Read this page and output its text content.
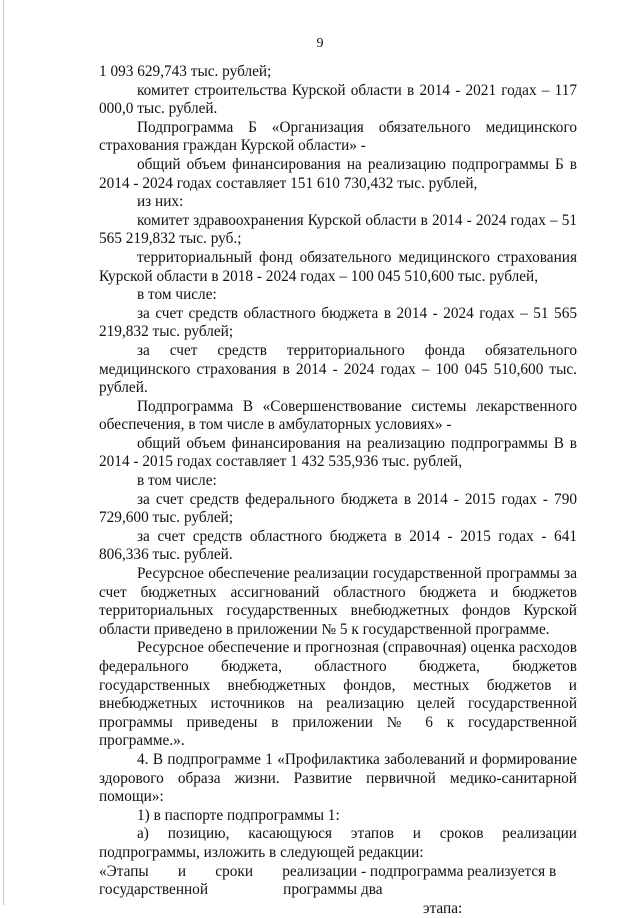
9

1 093 629,743 тыс. рублей;

комитет строительства Курской области в 2014 - 2021 годах – 117 000,0 тыс. рублей.

Подпрограмма Б «Организация обязательного медицинского страхования граждан Курской области» -

общий объем финансирования на реализацию подпрограммы Б в 2014 - 2024 годах составляет 151 610 730,432 тыс. рублей,

из них:

комитет здравоохранения Курской области в 2014 - 2024 годах – 51 565 219,832 тыс. руб.;

территориальный фонд обязательного медицинского страхования Курской области в 2018 - 2024 годах – 100 045 510,600 тыс. рублей,

в том числе:

за счет средств областного бюджета в 2014 - 2024 годах – 51 565 219,832 тыс. рублей;

за счет средств территориального фонда обязательного медицинского страхования в 2014 - 2024 годах – 100 045 510,600 тыс. рублей.

Подпрограмма В «Совершенствование системы лекарственного обеспечения, в том числе в амбулаторных условиях» -

общий объем финансирования на реализацию подпрограммы В в 2014 - 2015 годах составляет 1 432 535,936 тыс. рублей,

в том числе:

за счет средств федерального бюджета в 2014 - 2015 годах - 790 729,600 тыс. рублей;

за счет средств областного бюджета в 2014 - 2015 годах - 641 806,336 тыс. рублей.

Ресурсное обеспечение реализации государственной программы за счет бюджетных ассигнований областного бюджета и бюджетов территориальных государственных внебюджетных фондов Курской области приведено в приложении № 5 к государственной программе.

Ресурсное обеспечение и прогнозная (справочная) оценка расходов федерального бюджета, областного бюджета, бюджетов государственных внебюджетных фондов, местных бюджетов и внебюджетных источников на реализацию целей государственной программы приведены в приложении № 6 к государственной программе.».

4. В подпрограмме 1 «Профилактика заболеваний и формирование здорового образа жизни. Развитие первичной медико-санитарной помощи»:

1) в паспорте подпрограммы 1:

а) позицию, касающуюся этапов и сроков реализации подпрограммы, изложить в следующей редакции:

«Этапы и сроки реализации
государственной программы
- подпрограмма реализуется в два
этапа:
